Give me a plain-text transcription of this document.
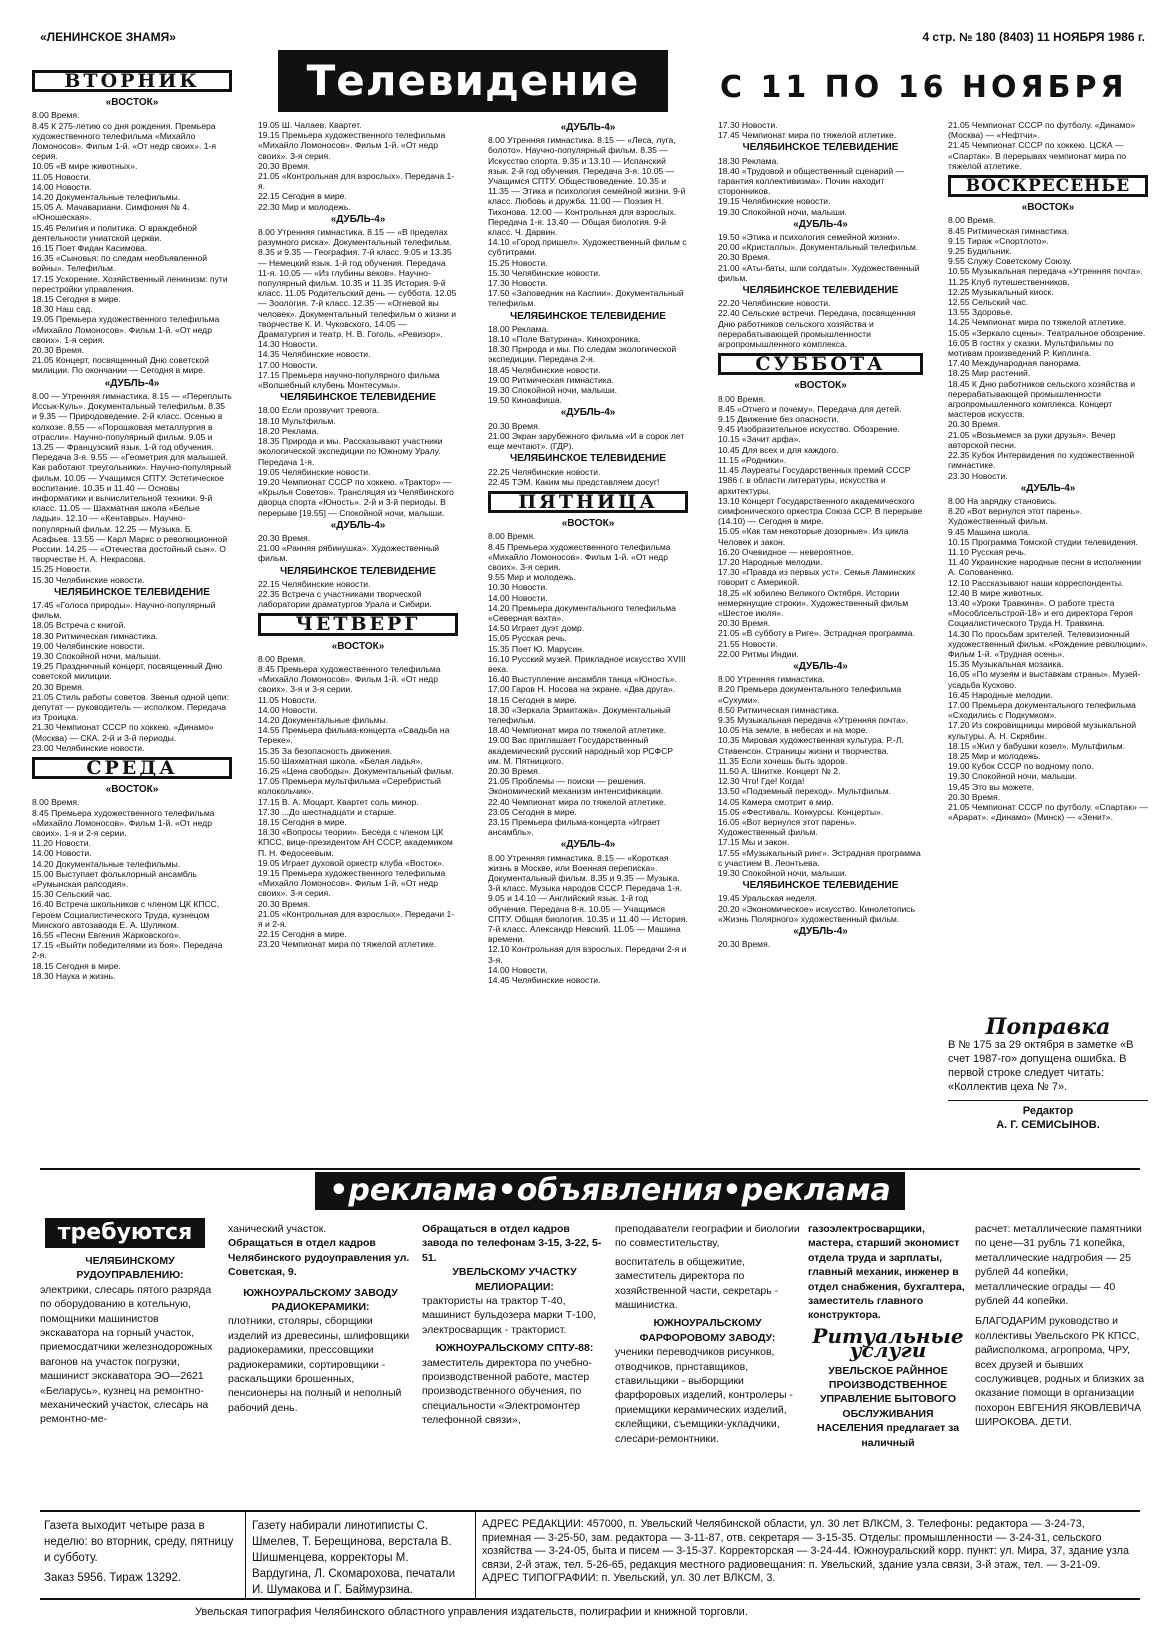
«ЛЕНИНСКОЕ ЗНАМЯ»	4 стр. № 180 (8403) 11 НОЯБРЯ 1986 г.
Телевидение	С 11 ПО 16 НОЯБРЯ
ВТОРНИК
«ВОСТОК»
8.00 Время.
8.45 К 275-летию со дня рождения. Премьера художественного телефильма «Михайло Ломоносов». Фильм 1-й. «От недр своих». 1-я серия.
10.05 «В мире животных».
11.05 Новости.
14.00 Новости.
14.20 Документальные телефильмы.
15.05 А. Мачавариани. Симфония № 4. «Юношеская».
15.45 Религия и политика. О враждебной деятельности униатской церкви.
16.15 Поет Фидан Касимова.
16.35 «Сыновья: по следам необъявленной войны». Телефильм.
17.15 Ускорение. Хозяйственный ленинизм: пути перестройки управления.
18.15 Сегодня в мире.
18.30 Наш сад.
19.05 Премьера художественного телефильма «Михайло Ломоносов». Фильм 1-й. «От недр своих». 1-я серия.
20.30 Время.
21.05 Концерт, посвященный Дню советской милиции. По окончании — Сегодня в мире.
«ДУБЛЬ-4»
8.00 — Утренняя гимнастика. 8.15 — «Переплыть Иссык-Куль». Документальный телефильм. 8.35 и 9.35 — Природоведение. 2-й класс. Осенью в колхозе. 8.55 — «Порошковая металлургия в отрасли». Научно-популярный фильм. 9.05 и 13.25 — Французский язык. 1-й год обучения. Передача 3-я. 9.55 — «Геометрия для малышей. Как работают треугольники». Научно-популярный фильм. 10.05 — Учащимся СПТУ. Эстетическое воспитание. 10.35 и 11.40 — Основы информатики и вычислительной техники. 9-й класс. 11.05 — Шахматная школа «Белые ладьи». 12.10 — «Кентавры». Научно-популярный фильм. 12.25 — Музыка. Б. Асафьев. 13.55 — Карл Маркс о революционной России. 14.25 — «Отечества достойный сын». О творчестве Н. А. Некрасова.
15.25 Новости.
15.30 Челябинские новости.
ЧЕЛЯБИНСКОЕ ТЕЛЕВИДЕНИЕ
17.45 «Голоса природы». Научно-популярный фильм.
18.05 Встреча с книгой.
18.30 Ритмическая гимнастика.
19.00 Челябинские новости.
19.30 Спокойной ночи, малыши.
19.25 Праздничный концерт, посвященный Дню советской милиции.
20.30 Время.
21.05 Стиль работы советов. Звенья одной цепи: депутат — руководитель — исполком. Передача из Троицка.
21.30 Чемпионат СССР по хоккею. «Динамо» (Москва) — СКА. 2-й и 3-й периоды.
23.00 Челябинские новости.
СРЕДА
«ВОСТОК»
8.00 Время.
8.45 Премьера художественного телефильма «Михайло Ломоносов». Фильм 1-й. «От недр своих». 1-я и 2-я серии.
11.20 Новости.
14.00 Новости.
14.20 Документальные телефильмы.
15.00 Выступает фольклорный ансамбль «Румынская рапсодия».
15.30 Сельский час.
16.40 Встреча школьников с членом ЦК КПСС, Героем Социалистического Труда, кузнецом Минского автозавода Е. А. Шуляком.
16.55 «Песни Евгения Жарковского».
17.15 «Выйти победителями из боя». Передача 2-я.
18.15 Сегодня в мире.
18.30 Наука и жизнь.
19.05 Ш. Чалаев. Квартет.
19.15 Премьера художественного телефильма «Михайло Ломоносов». Фильм 1-й. «От недр своих». 3-я серия.
20.30 Время.
21.05 «Контрольная для взрослых». Передача 1-я.
22.15 Сегодня в мире.
22.30 Мир и молодежь.
«ДУБЛЬ-4»
8.00 Утренняя гимнастика. 8.15 — «В пределах разумного риска». Документальный телефильм. 8.35 и 9.35 — География. 7-й класс. 9.05 и 13.35 — Немецкий язык. 1-й год обучения. Передача 11-я. 10.05 — «Из глубины веков». Научно-популярный фильм. 10.35 и 11.35 История. 9-й класс. 11.05 Родительский день — суббота. 12.05 — Зоология. 7-й класс. 12.35 — «Огневой вы человек». Документальный телефильм о жизни и творчестве К. И. Чуковского. 14.05 — Драматургия и театр. Н. В. Гоголь. «Ревизор».
14.30 Новости.
14.35 Челябинские новости.
17.00 Новости.
17.15 Премьера научно-популярного фильма «Волшебный клубень Монтесумы».
ЧЕЛЯБИНСКОЕ ТЕЛЕВИДЕНИЕ
18.00 Если прозвучит тревога.
18.10 Мультфильм.
18.20 Реклама.
18.35 Природа и мы. Рассказывают участники экологической экспедиции по Южному Уралу. Передача 1-я.
19.05 Челябинские новости.
19.20 Чемпионат СССР по хоккею. «Трактор» — «Крылья Советов». Трансляция из Челябинского дворца спорта «Юность». 2-й и 3-й периоды. В перерыве [19.55] — Спокойной ночи, малыши.
«ДУБЛЬ-4»
20.30 Время.
21.00 «Ранняя рябинушка». Художественный фильм.
ЧЕЛЯБИНСКОЕ ТЕЛЕВИДЕНИЕ
22.15 Челябинские новости.
22.35 Встреча с участниками творческой лаборатории драматургов Урала и Сибири.
ЧЕТВЕРГ
«ВОСТОК»
8.00 Время.
8.45 Премьера художественного телефильма «Михайло Ломоносов». Фильм 1-й. «От недр своих». 3-я и 3-я серии.
11.05 Новости.
14.00 Новости.
14.20 Документальные фильмы.
14.55 Премьера фильма-концерта «Свадьба на Тереке».
15.35 За безопасность движения.
15.50 Шахматная школа. «Белая ладья».
16.25 «Цена свободы». Документальный фильм.
17.05 Премьера мультфильма «Серебристый колокольчик».
17.15 В. А. Моцарт. Квартет соль минор.
17.30 ...До шестнадцати и старше.
18.15 Сегодня в мире.
18.30 «Вопросы теории». Беседа с членом ЦК КПСС, вице-президентом АН СССР, академиком П. Н. Федосеевым.
19.05 Играет духовой оркестр клуба «Восток».
19.15 Премьера художественного телефильма «Михайло Ломоносов». Фильм 1-й. «От недр своих». 3-я серия.
20.30 Время.
21.05 «Контрольная для взрослых». Передачи 1-я и 2-я.
22.15 Сегодня в мире.
23.20 Чемпионат мира по тяжелой атлетике.
«ДУБЛЬ-4»
8.00 Утренняя гимнастика. 8.15 — «Леса, луга, болото». Научно-популярный фильм. 8.35 — Искусство спорта. 9.35 и 13.10 — Испанский язык. 2-й год обучения. Передача 3-я. 10.05 — Учащимся СПТУ. Обществоведение. 10.35 и 11.35 — Этика и психология семейной жизни. 9-й класс. Любовь и дружба. 11.00 — Поэзия Н. Тихонова. 12.00 — Контрольная для взрослых. Передача 1-я. 13.40 — Общая биология. 9-й класс. Ч. Дарвин.
14.10 «Город пришел». Художественный фильм с субтитрами.
15.25 Новости.
15.30 Челябинские новости.
17.30 Новости.
17.50 «Заповедник на Каспии». Документальный телефильм.
ЧЕЛЯБИНСКОЕ ТЕЛЕВИДЕНИЕ
18.00 Реклама.
18.10 «Поле Ватурина». Кинохроника.
18.30 Природа и мы. По следам экологической экспедиции. Передача 2-я.
18.45 Челябинские новости.
19.00 Ритмическая гимнастика.
19.30 Спокойной ночи, малыши.
19.50 Киноафиша.
«ДУБЛЬ-4»
20.30 Время.
21.00 Экран зарубежного фильма «И в сорок лет еще мечтают». (ГДР).
ЧЕЛЯБИНСКОЕ ТЕЛЕВИДЕНИЕ
22.25 Челябинские новости.
22.45 ТЭМ. Каким мы представляем досуг!
ПЯТНИЦА
«ВОСТОК»
8.00 Время.
8.45 Премьера художественного телефильма «Михайло Ломоносов». Фильм 1-й. «От недр своих». 3-я серия.
9.55 Мир и молодежь.
10.30 Новости.
14.00 Новости.
14.20 Премьера документального телефильма «Северная вахта».
14.50 Играет дуэт домр.
15.05 Русская речь.
15.35 Поет Ю. Марусин.
16.10 Русский музей. Прикладное искусство XVIII века.
16.40 Выступление ансамбля танца «Юность».
17.00 Гаров Н. Носова на экране. «Два друга».
18.15 Сегодня в мире.
18.30 «Зеркала Эрмитажа». Документальный телефильм.
18.40 Чемпионат мира по тяжелой атлетике.
19.00 Вас приглашает Государственный академический русский народный хор РСФСР им. М. Пятницкого.
20.30 Время.
21.05 Проблемы — поиски — решения. Экономический механизм интенсификации.
22.40 Чемпионат мира по тяжелой атлетике.
23.05 Сегодня в мире.
23.15 Премьера фильма-концерта «Играет ансамбль».
«ДУБЛЬ-4»
8.00 Утренняя гимнастика. 8.15 — «Короткая жизнь в Москве, или Военная переписка». Документальный фильм. 8.35 и 9.35 — Музыка. 3-й класс. Музыка народов СССР. Передача 1-я. 9.05 и 14.10 — Английский язык. 1-й год обучения. Передача 8-я. 10.05 — Учащимся СПТУ. Общая биология. 10.35 и 11.40 — История. 7-й класс. Александр Невский. 11.05 — Машина времени.
12.10 Контрольная для взрослых. Передачи 2-я и 3-я.
14.00 Новости.
14.45 Челябинские новости.
17.30 Новости.
17.45 Чемпионат мира по тяжелой атлетике.
ЧЕЛЯБИНСКОЕ ТЕЛЕВИДЕНИЕ
18.30 Реклама.
18.40 «Трудовой и общественный сценарий — гарантия коллективизма». Почин находит сторонников.
19.15 Челябинские новости.
19.30 Спокойной ночи, малыши.
«ДУБЛЬ-4»
19.50 «Этика и психология семейной жизни».
20.00 «Кристаллы». Документальный телефильм.
20.30 Время.
21.00 «Аты-баты, шли солдаты». Художественный фильм.
ЧЕЛЯБИНСКОЕ ТЕЛЕВИДЕНИЕ
22.20 Челябинские новости.
22.40 Сельские встречи. Передача, посвященная Дню работников сельского хозяйства и перерабатывающей промышленности агропромышленного комплекса.
СУББОТА
«ВОСТОК»
8.00 Время.
8.45 «Отчего и почему». Передача для детей.
9.15 Движение без опасности.
9.45 Изобразительное искусство. Обозрение.
10.15 «Зачит арфа».
10.45 Для всех и для каждого.
11.15 «Родники».
11.45 Лауреаты Государственных премий СССР 1986 г. в области литературы, искусства и архитектуры.
13.10 Концерт Государственного академического симфонического оркестра Союза ССР. В перерыве (14.10) — Сегодня в мире.
15.05 «Как там некоторые дозорные». Из цикла Человек и закон.
16.20 Очевидное — невероятное.
17.20 Народные мелодии.
17.30 «Правда из первых уст». Семья Ламинских говорит с Америкой.
18.25 «К юбилею Великого Октября. Истории немеркнущие строки». Художественный фильм «Шестое июля».
20.30 Время.
21.05 «В субботу в Риге». Эстрадная программа.
21.55 Новости.
22.00 Ритмы Индии.
«ДУБЛЬ-4»
8.00 Утренняя гимнастика.
8.20 Премьера документального телефильма «Сухуми».
8.50 Ритмическая гимнастика.
9.35 Музыкальная передача «Утренняя почта».
10.05 На земле, в небесах и на море.
10.35 Мировая художественная культура. Р.-Л. Стивенсон. Страницы жизни и творчества.
11.35 Если хочешь быть здоров.
11.50 А. Шнитке. Концерт № 2.
12.30 Что! Где! Когда!
13.50 «Подземный переход». Мультфильм.
14.05 Камера смотрит в мир.
15.05 «Фестиваль. Конкурсы. Концерты».
16.05 «Вот вернулся этот парень». Художественный фильм.
17.15 Мы и закон.
17.55 «Музыкальный ринг». Эстрадная программа с участием В. Леонтьева.
19.30 Спокойной ночи, малыши.
ЧЕЛЯБИНСКОЕ ТЕЛЕВИДЕНИЕ
19.45 Уральская неделя.
20.20 «Экономическое» искусство. Кинолетопись «Жизнь Полярного» художественный фильм.
«ДУБЛЬ-4»
20.30 Время.
21.05 Чемпионат СССР по футболу. «Динамо» (Москва) — «Нефтчи».
21.45 Чемпионат СССР по хоккею. ЦСКА — «Спартак». В перерывах чемпионат мира по тяжелой атлетике.
ВОСКРЕСЕНЬЕ
«ВОСТОК»
8.00 Время.
8.45 Ритмическая гимнастика.
9.15 Тираж «Спортлото».
9.25 Будильник.
9.55 Служу Советскому Союзу.
10.55 Музыкальная передача «Утренняя почта».
11.25 Клуб путешественников.
12.25 Музыкальный киоск.
12.55 Сельский час.
13.55 Здоровье.
14.25 Чемпионат мира по тяжелой атлетике.
15.05 «Зеркало сцены». Театральное обозрение.
16.05 В гостях у сказки. Мультфильмы по мотивам произведений Р. Киплинга.
17.40 Международная панорама.
18.25 Мир растений.
18.45 К Дню работников сельского хозяйства и перерабатывающей промышленности агропромышленного комплекса. Концерт мастеров искусств.
20.30 Время.
21.05 «Возьмемся за руки друзья». Вечер авторской песни.
22.35 Кубок Интервидения по художественной гимнастике.
23.30 Новости.
«ДУБЛЬ-4»
8.00 На зарядку становись.
8.20 «Вот вернулся этот парень». Художественный фильм.
9.45 Машина школа.
10.15 Программа Томской студии телевидения.
11.10 Русская речь.
11.40 Украинские народные песни в исполнении А. Солованенко.
12.10 Рассказывают наши корреспонденты.
12.40 В мире животных.
13.40 «Уроки Травкина». О работе треста «Мособлсельстрой-18» и его директора Героя Социалистического Труда Н. Травкина.
14.30 По просьбам зрителей. Телевизионный художественный фильм. «Рождение революции». Фильм 1-й. «Трудная осень».
15.35 Музыкальная мозаика.
16.05 «По музеям и выставкам страны». Музей-усадьба Кусково.
16.45 Народные мелодии.
17.00 Премьера документального телефильма «Сходились с Подкумком».
17.20 Из сокровищницы мировой музыкальной культуры. А. Н. Скрябин.
18.15 «Жил у бабушки козел». Мультфильм.
18.25 Мир и молодежь.
19.00 Кубок СССР по водному поло.
19.30 Спокойной ночи, малыши.
19.45 Это вы можете.
20.30 Время.
21.05 Чемпионат СССР по футболу. «Спартак» — «Арарат». «Динамо» (Минск) — «Зенит».
Поправка
В № 175 за 29 октября в заметке «В счет 1987-го» допущена ошибка. В первой строке следует читать: «Коллектив цеха № 7».
Редактор
А. Г. СЕМИСЫНОВ.
•реклама•объявления•реклама
требуются
ЧЕЛЯБИНСКОМУ РУДОУПРАВЛЕНИЮ:
электрики, слесарь пятого разряда по оборудованию в котельную, помощники машинистов экскаватора на горный участок, приемосдатчики железнодорожных вагонов на участок погрузки, машинист экскаватора ЭО—2621 «Беларусь», кузнец на ремонтно-механический участок, слесарь на ремонтно-ме-
ханический участок.
Обращаться в отдел кадров Челябинского рудоуправления ул. Советская, 9.
ЮЖНОУРАЛЬСКОМУ ЗАВОДУ РАДИОКЕРАМИКИ:
плотники, столяры, сборщики изделий из древесины, шлифовщики радиокерамики, прессовщики радиокерамики, сортировщики - раскальщики брошенных, пенсионеры на полный и неполный рабочий день.
Обращаться в отдел кадров завода по телефонам 3-15, 3-22, 5-51.
УВЕЛЬСКОМУ УЧАСТКУ МЕЛИОРАЦИИ:
трактористы на трактор Т-40, машинист бульдозера марки Т-100, электросварщик - тракторист.
ЮЖНОУРАЛЬСКОМУ СПТУ-88:
заместитель директора по учебно-производственной работе, мастер производственного обучения, по специальности «Электромонтер телефонной связи»,
преподаватели географии и биологии по совместительству,
воспитатель в общежитие, заместитель директора по хозяйственной части, секретарь - машинистка.
ЮЖНОУРАЛЬСКОМУ ФАРФОРОВОМУ ЗАВОДУ:
ученики переводчиков рисунков, отводчиков, прнставщиков, ставильщики - выборщики фарфоровых изделий, контролеры - приемщики керамических изделий, склейщики, съемщики-укладчики, слесари-ремонтники.
газоэлектросварщики, мастера, старший экономист отдела труда и зарплаты, главный механик, инженер в отдел снабжения, бухгалтера, заместитель главного конструктора.
Ритуальные услуги
УВЕЛЬСКОЕ РАЙННОЕ ПРОИЗВОДСТВЕННОЕ УПРАВЛЕНИЕ БЫТОВОГО ОБСЛУЖИВАНИЯ НАСЕЛЕНИЯ предлагает за наличный
расчет: металлические памятники по цене—31 рубль 71 копейка, металлические надгробия — 25 рублей 44 копейки, металлические ограды — 40 рублей 44 копейки.
БЛАГОДАРИМ руководство и коллективы Увельского РК КПСС, райисполкома, агропрома, ЧРУ, всех друзей и бывших сослуживцев, родных и близких за оказание помощи в организации похорон ЕВГЕНИЯ ЯКОВЛЕВИЧА ШИРОКОВА. ДЕТИ.
Газета выходит четыре раза в неделю: во вторник, среду, пятницу и субботу.
Заказ 5956. Тираж 13292.
Газету набирали линотиписты С. Шмелев, Т. Берещинова, верстала В. Шишменцева, корректоры М. Вардугина, Л. Скомарохова, печатали И. Шумакова и Г. Баймурзина.
АДРЕС РЕДАКЦИИ: 457000, п. Увельский Челябинской области, ул. 30 лет ВЛКСМ, 3. Телефоны: редактора — 3-24-73, приемная — 3-25-50, зам. редактора — 3-11-87, отв. секретаря — 3-15-35. Отделы: промышленности — 3-24-31, сельского хозяйства — 3-24-05, быта и писем — 3-15-37. Корректорская — 3-24-44. Южноуральский корр. пункт: ул. Мира, 37, здание узла связи, 2-й этаж, тел. 5-26-65, редакция местного радиовещания: п. Увельский, здание узла связи, 3-й этаж, тел. — 3-21-09.
АДРЕС ТИПОГРАФИИ: п. Увельский, ул. 30 лет ВЛКСМ, 3.
Увельская типография Челябинского областного управления издательств, полиграфии и книжной торговли.
